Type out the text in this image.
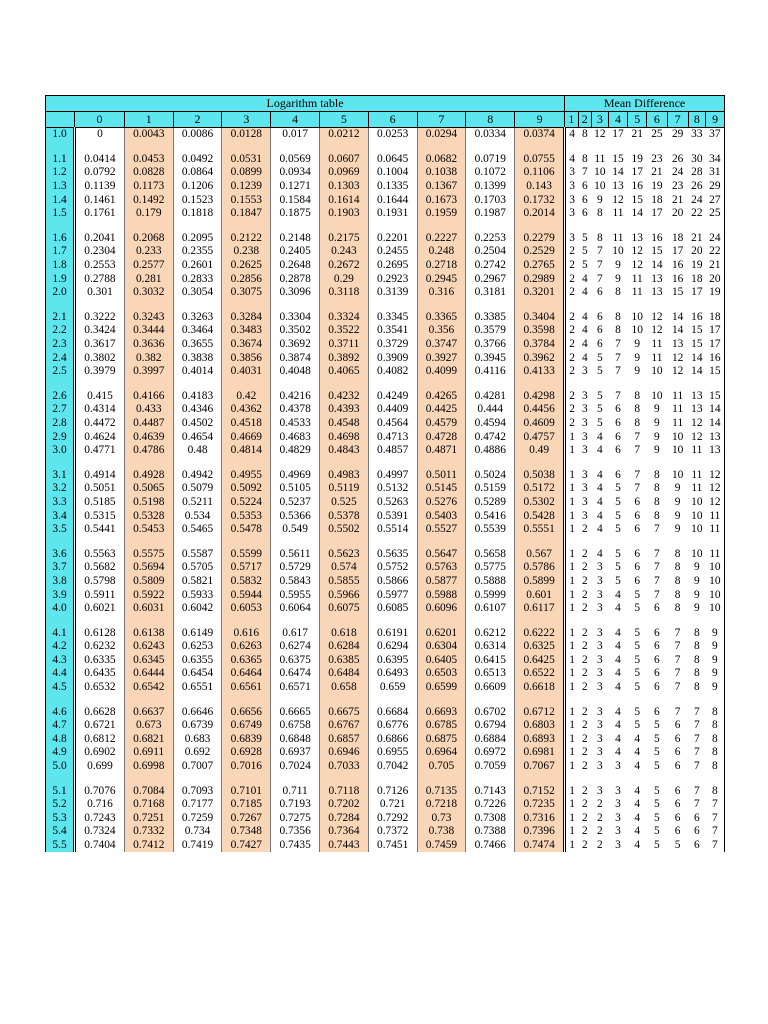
Logarithm table											Mean Difference								
	0	1	2	3	4	5	6	7	8	9	1	2	3	4	5	6	7	8	9
1.0	0	0.0043	0.0086	0.0128	0.017	0.0212	0.0253	0.0294	0.0334	0.0374	4	8	12	17	21	25	29	33	37

1.1	0.0414	0.0453	0.0492	0.0531	0.0569	0.0607	0.0645	0.0682	0.0719	0.0755	4	8	11	15	19	23	26	30	34
1.2	0.0792	0.0828	0.0864	0.0899	0.0934	0.0969	0.1004	0.1038	0.1072	0.1106	3	7	10	14	17	21	24	28	31
1.3	0.1139	0.1173	0.1206	0.1239	0.1271	0.1303	0.1335	0.1367	0.1399	0.143	3	6	10	13	16	19	23	26	29
1.4	0.1461	0.1492	0.1523	0.1553	0.1584	0.1614	0.1644	0.1673	0.1703	0.1732	3	6	9	12	15	18	21	24	27
1.5	0.1761	0.179	0.1818	0.1847	0.1875	0.1903	0.1931	0.1959	0.1987	0.2014	3	6	8	11	14	17	20	22	25

1.6	0.2041	0.2068	0.2095	0.2122	0.2148	0.2175	0.2201	0.2227	0.2253	0.2279	3	5	8	11	13	16	18	21	24
1.7	0.2304	0.233	0.2355	0.238	0.2405	0.243	0.2455	0.248	0.2504	0.2529	2	5	7	10	12	15	17	20	22
1.8	0.2553	0.2577	0.2601	0.2625	0.2648	0.2672	0.2695	0.2718	0.2742	0.2765	2	5	7	9	12	14	16	19	21
1.9	0.2788	0.281	0.2833	0.2856	0.2878	0.29	0.2923	0.2945	0.2967	0.2989	2	4	7	9	11	13	16	18	20
2.0	0.301	0.3032	0.3054	0.3075	0.3096	0.3118	0.3139	0.316	0.3181	0.3201	2	4	6	8	11	13	15	17	19

2.1	0.3222	0.3243	0.3263	0.3284	0.3304	0.3324	0.3345	0.3365	0.3385	0.3404	2	4	6	8	10	12	14	16	18
2.2	0.3424	0.3444	0.3464	0.3483	0.3502	0.3522	0.3541	0.356	0.3579	0.3598	2	4	6	8	10	12	14	15	17
2.3	0.3617	0.3636	0.3655	0.3674	0.3692	0.3711	0.3729	0.3747	0.3766	0.3784	2	4	6	7	9	11	13	15	17
2.4	0.3802	0.382	0.3838	0.3856	0.3874	0.3892	0.3909	0.3927	0.3945	0.3962	2	4	5	7	9	11	12	14	16
2.5	0.3979	0.3997	0.4014	0.4031	0.4048	0.4065	0.4082	0.4099	0.4116	0.4133	2	3	5	7	9	10	12	14	15

2.6	0.415	0.4166	0.4183	0.42	0.4216	0.4232	0.4249	0.4265	0.4281	0.4298	2	3	5	7	8	10	11	13	15
2.7	0.4314	0.433	0.4346	0.4362	0.4378	0.4393	0.4409	0.4425	0.444	0.4456	2	3	5	6	8	9	11	13	14
2.8	0.4472	0.4487	0.4502	0.4518	0.4533	0.4548	0.4564	0.4579	0.4594	0.4609	2	3	5	6	8	9	11	12	14
2.9	0.4624	0.4639	0.4654	0.4669	0.4683	0.4698	0.4713	0.4728	0.4742	0.4757	1	3	4	6	7	9	10	12	13
3.0	0.4771	0.4786	0.48	0.4814	0.4829	0.4843	0.4857	0.4871	0.4886	0.49	1	3	4	6	7	9	10	11	13

3.1	0.4914	0.4928	0.4942	0.4955	0.4969	0.4983	0.4997	0.5011	0.5024	0.5038	1	3	4	6	7	8	10	11	12
3.2	0.5051	0.5065	0.5079	0.5092	0.5105	0.5119	0.5132	0.5145	0.5159	0.5172	1	3	4	5	7	8	9	11	12
3.3	0.5185	0.5198	0.5211	0.5224	0.5237	0.525	0.5263	0.5276	0.5289	0.5302	1	3	4	5	6	8	9	10	12
3.4	0.5315	0.5328	0.534	0.5353	0.5366	0.5378	0.5391	0.5403	0.5416	0.5428	1	3	4	5	6	8	9	10	11
3.5	0.5441	0.5453	0.5465	0.5478	0.549	0.5502	0.5514	0.5527	0.5539	0.5551	1	2	4	5	6	7	9	10	11

3.6	0.5563	0.5575	0.5587	0.5599	0.5611	0.5623	0.5635	0.5647	0.5658	0.567	1	2	4	5	6	7	8	10	11
3.7	0.5682	0.5694	0.5705	0.5717	0.5729	0.574	0.5752	0.5763	0.5775	0.5786	1	2	3	5	6	7	8	9	10
3.8	0.5798	0.5809	0.5821	0.5832	0.5843	0.5855	0.5866	0.5877	0.5888	0.5899	1	2	3	5	6	7	8	9	10
3.9	0.5911	0.5922	0.5933	0.5944	0.5955	0.5966	0.5977	0.5988	0.5999	0.601	1	2	3	4	5	7	8	9	10
4.0	0.6021	0.6031	0.6042	0.6053	0.6064	0.6075	0.6085	0.6096	0.6107	0.6117	1	2	3	4	5	6	8	9	10

4.1	0.6128	0.6138	0.6149	0.616	0.617	0.618	0.6191	0.6201	0.6212	0.6222	1	2	3	4	5	6	7	8	9
4.2	0.6232	0.6243	0.6253	0.6263	0.6274	0.6284	0.6294	0.6304	0.6314	0.6325	1	2	3	4	5	6	7	8	9
4.3	0.6335	0.6345	0.6355	0.6365	0.6375	0.6385	0.6395	0.6405	0.6415	0.6425	1	2	3	4	5	6	7	8	9
4.4	0.6435	0.6444	0.6454	0.6464	0.6474	0.6484	0.6493	0.6503	0.6513	0.6522	1	2	3	4	5	6	7	8	9
4.5	0.6532	0.6542	0.6551	0.6561	0.6571	0.658	0.659	0.6599	0.6609	0.6618	1	2	3	4	5	6	7	8	9

4.6	0.6628	0.6637	0.6646	0.6656	0.6665	0.6675	0.6684	0.6693	0.6702	0.6712	1	2	3	4	5	6	7	7	8
4.7	0.6721	0.673	0.6739	0.6749	0.6758	0.6767	0.6776	0.6785	0.6794	0.6803	1	2	3	4	5	5	6	7	8
4.8	0.6812	0.6821	0.683	0.6839	0.6848	0.6857	0.6866	0.6875	0.6884	0.6893	1	2	3	4	4	5	6	7	8
4.9	0.6902	0.6911	0.692	0.6928	0.6937	0.6946	0.6955	0.6964	0.6972	0.6981	1	2	3	4	4	5	6	7	8
5.0	0.699	0.6998	0.7007	0.7016	0.7024	0.7033	0.7042	0.705	0.7059	0.7067	1	2	3	3	4	5	6	7	8

5.1	0.7076	0.7084	0.7093	0.7101	0.711	0.7118	0.7126	0.7135	0.7143	0.7152	1	2	3	3	4	5	6	7	8
5.2	0.716	0.7168	0.7177	0.7185	0.7193	0.7202	0.721	0.7218	0.7226	0.7235	1	2	2	3	4	5	6	7	7
5.3	0.7243	0.7251	0.7259	0.7267	0.7275	0.7284	0.7292	0.73	0.7308	0.7316	1	2	2	3	4	5	6	6	7
5.4	0.7324	0.7332	0.734	0.7348	0.7356	0.7364	0.7372	0.738	0.7388	0.7396	1	2	2	3	4	5	6	6	7
5.5	0.7404	0.7412	0.7419	0.7427	0.7435	0.7443	0.7451	0.7459	0.7466	0.7474	1	2	2	3	4	5	5	6	7
